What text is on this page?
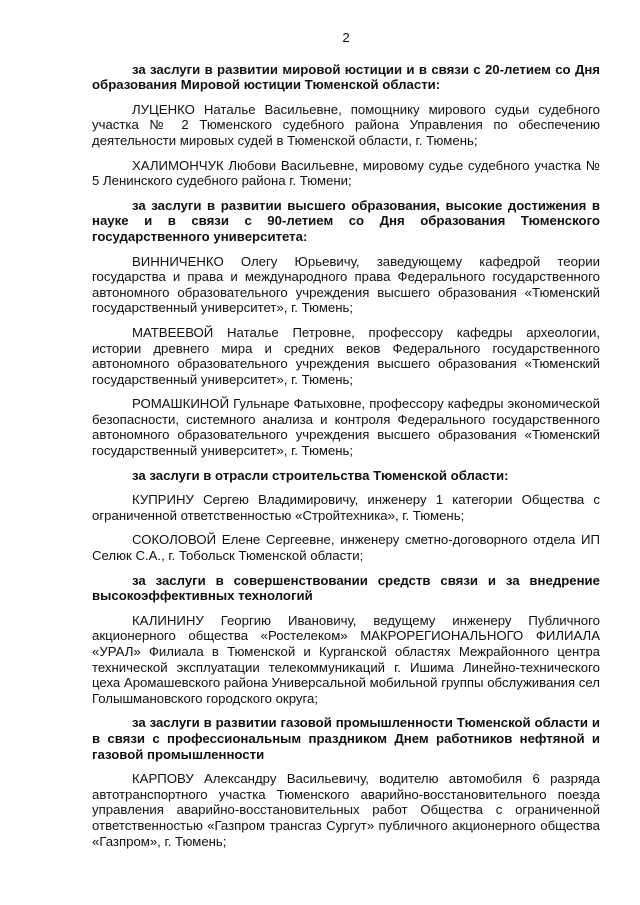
2

за заслуги в развитии мировой юстиции и в связи с 20-летием со Дня образования Мировой юстиции Тюменской области:

ЛУЦЕНКО Наталье Васильевне, помощнику мирового судьи судебного участка № 2 Тюменского судебного района Управления по обеспечению деятельности мировых судей в Тюменской области, г. Тюмень;

ХАЛИМОНЧУК Любови Васильевне, мировому судье судебного участка № 5 Ленинского судебного района г. Тюмени;

за заслуги в развитии высшего образования, высокие достижения в науке и в связи с 90-летием со Дня образования Тюменского государственного университета:

ВИННИЧЕНКО Олегу Юрьевичу, заведующему кафедрой теории государства и права и международного права Федерального государственного автономного образовательного учреждения высшего образования «Тюменский государственный университет», г. Тюмень;

МАТВЕЕВОЙ Наталье Петровне, профессору кафедры археологии, истории древнего мира и средних веков Федерального государственного автономного образовательного учреждения высшего образования «Тюменский государственный университет», г. Тюмень;

РОМАШКИНОЙ Гульнаре Фатыховне, профессору кафедры экономической безопасности, системного анализа и контроля Федерального государственного автономного образовательного учреждения высшего образования «Тюменский государственный университет», г. Тюмень;

за заслуги в отрасли строительства Тюменской области:

КУПРИНУ Сергею Владимировичу, инженеру 1 категории Общества с ограниченной ответственностью «Стройтехника», г. Тюмень;

СОКОЛОВОЙ Елене Сергеевне, инженеру сметно-договорного отдела ИП Селюк С.А., г. Тобольск Тюменской области;

за заслуги в совершенствовании средств связи и за внедрение высокоэффективных технологий

КАЛИНИНУ Георгию Ивановичу, ведущему инженеру Публичного акционерного общества «Ростелеком» МАКРОРЕГИОНАЛЬНОГО ФИЛИАЛА «УРАЛ» Филиала в Тюменской и Курганской областях Межрайонного центра технической эксплуатации телекоммуникаций г. Ишима Линейно-технического цеха Аромашевского района Универсальной мобильной группы обслуживания сел Голышмановского городского округа;

за заслуги в развитии газовой промышленности Тюменской области и в связи с профессиональным праздником Днем работников нефтяной и газовой промышленности

КАРПОВУ Александру Васильевичу, водителю автомобиля 6 разряда автотранспортного участка Тюменского аварийно-восстановительного поезда управления аварийно-восстановительных работ Общества с ограниченной ответственностью «Газпром трансгаз Сургут» публичного акционерного общества «Газпром», г. Тюмень;
